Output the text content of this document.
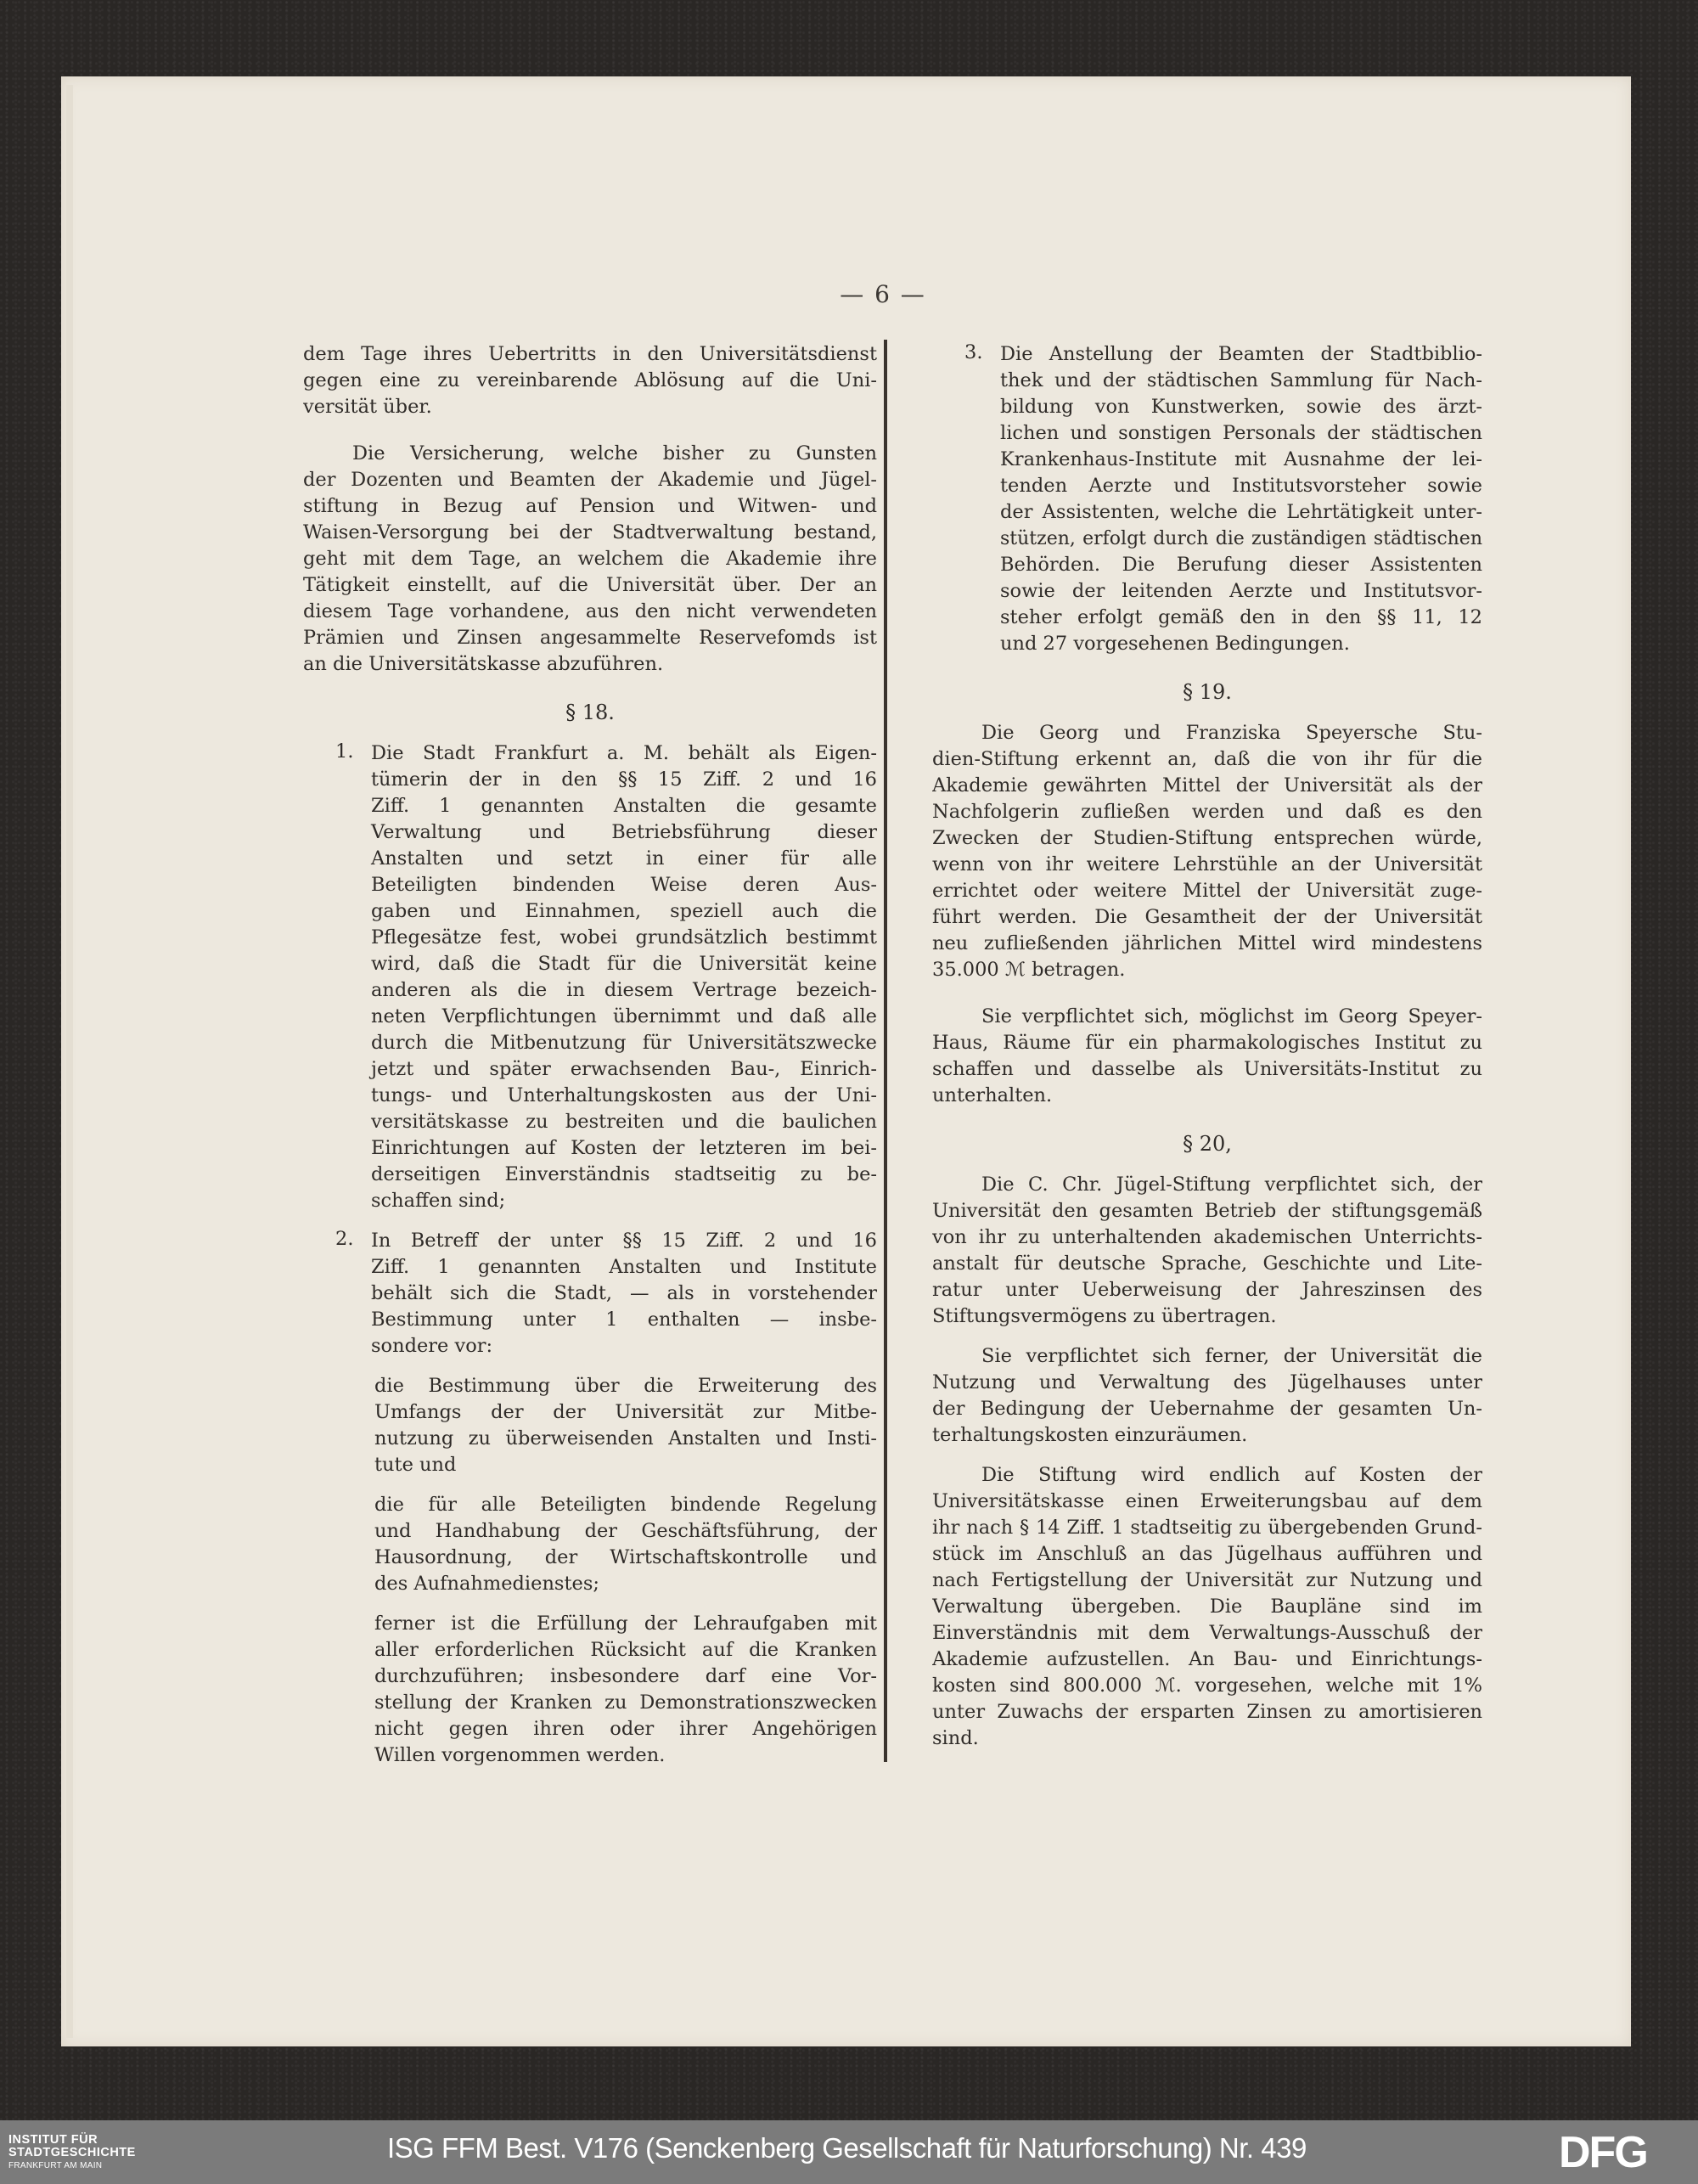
— 6 —
dem Tage ihres Uebertritts in den Universitätsdienst
gegen eine zu vereinbarende Ablösung auf die Uni-
versität über.
Die Versicherung, welche bisher zu Gunsten
der Dozenten und Beamten der Akademie und Jügel-
stiftung in Bezug auf Pension und Witwen- und
Waisen-Versorgung bei der Stadtverwaltung bestand,
geht mit dem Tage, an welchem die Akademie ihre
Tätigkeit einstellt, auf die Universität über. Der an
diesem Tage vorhandene, aus den nicht verwendeten
Prämien und Zinsen angesammelte Reservefomds ist
an die Universitätskasse abzuführen.
§ 18.
1. Die Stadt Frankfurt a. M. behält als Eigen-
tümerin der in den §§ 15 Ziff. 2 und 16
Ziff. 1 genannten Anstalten die gesamte
Verwaltung und Betriebsführung dieser
Anstalten und setzt in einer für alle
Beteiligten bindenden Weise deren Aus-
gaben und Einnahmen, speziell auch die
Pflegesätze fest, wobei grundsätzlich bestimmt
wird, daß die Stadt für die Universität keine
anderen als die in diesem Vertrage bezeich-
neten Verpflichtungen übernimmt und daß alle
durch die Mitbenutzung für Universitätszwecke
jetzt und später erwachsenden Bau-, Einrich-
tungs- und Unterhaltungskosten aus der Uni-
versitätskasse zu bestreiten und die baulichen
Einrichtungen auf Kosten der letzteren im bei-
derseitigen Einverständnis stadtseitig zu be-
schaffen sind;
2. In Betreff der unter §§ 15 Ziff. 2 und 16
Ziff. 1 genannten Anstalten und Institute
behält sich die Stadt, — als in vorstehender
Bestimmung unter 1 enthalten — insbe-
sondere vor:
die Bestimmung über die Erweiterung des
Umfangs der der Universität zur Mitbe-
nutzung zu überweisenden Anstalten und Insti-
tute und
die für alle Beteiligten bindende Regelung
und Handhabung der Geschäftsführung, der
Hausordnung, der Wirtschaftskontrolle und
des Aufnahmedienstes;
ferner ist die Erfüllung der Lehraufgaben mit
aller erforderlichen Rücksicht auf die Kranken
durchzuführen; insbesondere darf eine Vor-
stellung der Kranken zu Demonstrationszwecken
nicht gegen ihren oder ihrer Angehörigen
Willen vorgenommen werden.
3. Die Anstellung der Beamten der Stadtbiblio-
thek und der städtischen Sammlung für Nach-
bildung von Kunstwerken, sowie des ärzt-
lichen und sonstigen Personals der städtischen
Krankenhaus-Institute mit Ausnahme der lei-
tenden Aerzte und Institutsvorsteher sowie
der Assistenten, welche die Lehrtätigkeit unter-
stützen, erfolgt durch die zuständigen städtischen
Behörden. Die Berufung dieser Assistenten
sowie der leitenden Aerzte und Institutsvor-
steher erfolgt gemäß den in den §§ 11, 12
und 27 vorgesehenen Bedingungen.
§ 19.
Die Georg und Franziska Speyersche Stu-
dien-Stiftung erkennt an, daß die von ihr für die
Akademie gewährten Mittel der Universität als der
Nachfolgerin zufließen werden und daß es den
Zwecken der Studien-Stiftung entsprechen würde,
wenn von ihr weitere Lehrstühle an der Universität
errichtet oder weitere Mittel der Universität zuge-
führt werden. Die Gesamtheit der der Universität
neu zufließenden jährlichen Mittel wird mindestens
35.000 ℳ betragen.
Sie verpflichtet sich, möglichst im Georg Speyer-
Haus, Räume für ein pharmakologisches Institut zu
schaffen und dasselbe als Universitäts-Institut zu
unterhalten.
§ 20,
Die C. Chr. Jügel-Stiftung verpflichtet sich, der
Universität den gesamten Betrieb der stiftungsgemäß
von ihr zu unterhaltenden akademischen Unterrichts-
anstalt für deutsche Sprache, Geschichte und Lite-
ratur unter Ueberweisung der Jahreszinsen des
Stiftungsvermögens zu übertragen.
Sie verpflichtet sich ferner, der Universität die
Nutzung und Verwaltung des Jügelhauses unter
der Bedingung der Uebernahme der gesamten Un-
terhaltungskosten einzuräumen.
Die Stiftung wird endlich auf Kosten der
Universitätskasse einen Erweiterungsbau auf dem
ihr nach § 14 Ziff. 1 stadtseitig zu übergebenden Grund-
stück im Anschluß an das Jügelhaus aufführen und
nach Fertigstellung der Universität zur Nutzung und
Verwaltung übergeben. Die Baupläne sind im
Einverständnis mit dem Verwaltungs-Ausschuß der
Akademie aufzustellen. An Bau- und Einrichtungs-
kosten sind 800.000 ℳ. vorgesehen, welche mit 1%
unter Zuwachs der ersparten Zinsen zu amortisieren
sind.
INSTITUT FÜR
STADTGESCHICHTE
FRANKFURT AM MAIN
ISG FFM Best. V176 (Senckenberg Gesellschaft für Naturforschung) Nr. 439	DFG
